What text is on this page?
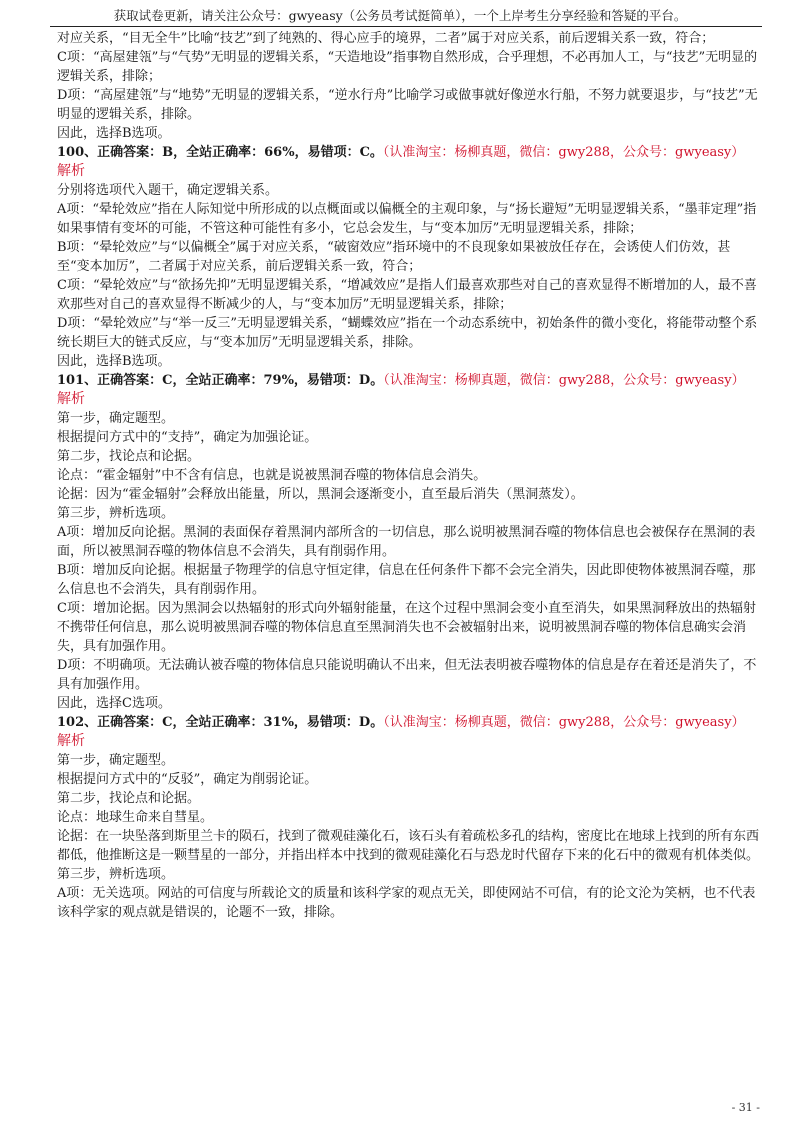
获取试卷更新，请关注公众号：gwyeasy（公务员考试挺简单），一个上岸考生分享经验和答疑的平台。

对应关系，“目无全牛”比喻“技艺”到了纯熟的、得心应手的境界，二者”属于对应关系，前后逻辑关系一致，符合；

C项：“高屋建瓴”与“气势”无明显的逻辑关系，“天造地设”指事物自然形成，合乎理想，不必再加人工，与“技艺”无明显的逻辑关系，排除；

D项：“高屋建瓴”与“地势”无明显的逻辑关系，“逆水行舟”比喻学习或做事就好像逆水行船，不努力就要退步，与“技艺”无明显的逻辑关系，排除。

因此，选择B选项。

100、正确答案：B，全站正确率：66%，易错项：C。（认准淘宝：杨柳真题，微信：gwy288，公众号：gwyeasy）

解析

分别将选项代入题干，确定逻辑关系。

A项：“晕轮效应”指在人际知觉中所形成的以点概面或以偏概全的主观印象，与“扬长避短”无明显逻辑关系，“墨菲定理”指如果事情有变坏的可能，不管这种可能性有多小，它总会发生，与“变本加厉”无明显逻辑关系，排除；

B项：“晕轮效应”与“以偏概全”属于对应关系，“破窗效应”指环境中的不良现象如果被放任存在，会诱使人们仿效，甚至“变本加厉”，二者属于对应关系，前后逻辑关系一致，符合；

C项：“晕轮效应”与“欲扬先抑”无明显逻辑关系，“增减效应”是指人们最喜欢那些对自己的喜欢显得不断增加的人，最不喜欢那些对自己的喜欢显得不断减少的人，与“变本加厉”无明显逻辑关系，排除；

D项：“晕轮效应”与“举一反三”无明显逻辑关系，“蝴蝶效应”指在一个动态系统中，初始条件的微小变化，将能带动整个系统长期巨大的链式反应，与“变本加厉”无明显逻辑关系，排除。

因此，选择B选项。

101、正确答案：C，全站正确率：79%，易错项：D。（认准淘宝：杨柳真题，微信：gwy288，公众号：gwyeasy）

解析

第一步，确定题型。

根据提问方式中的“支持”，确定为加强论证。

第二步，找论点和论据。

论点：“霍金辐射”中不含有信息，也就是说被黑洞吞噬的物体信息会消失。

论据：因为“霍金辐射”会释放出能量，所以，黑洞会逐渐变小，直至最后消失（黑洞蒸发）。

第三步，辨析选项。

A项：增加反向论据。黑洞的表面保存着黑洞内部所含的一切信息，那么说明被黑洞吞噬的物体信息也会被保存在黑洞的表面，所以被黑洞吞噬的物体信息不会消失，具有削弱作用。

B项：增加反向论据。根据量子物理学的信息守恒定律，信息在任何条件下都不会完全消失，因此即使物体被黑洞吞噬，那么信息也不会消失，具有削弱作用。

C项：增加论据。因为黑洞会以热辐射的形式向外辐射能量，在这个过程中黑洞会变小直至消失，如果黑洞释放出的热辐射不携带任何信息，那么说明被黑洞吞噬的物体信息直至黑洞消失也不会被辐射出来，说明被黑洞吞噬的物体信息确实会消失，具有加强作用。

D项：不明确项。无法确认被吞噬的物体信息只能说明确认不出来，但无法表明被吞噬物体的信息是存在着还是消失了，不具有加强作用。

因此，选择C选项。

102、正确答案：C，全站正确率：31%，易错项：D。（认准淘宝：杨柳真题，微信：gwy288，公众号：gwyeasy）

解析

第一步，确定题型。

根据提问方式中的“反驳”，确定为削弱论证。

第二步，找论点和论据。

论点：地球生命来自彗星。

论据：在一块坠落到斯里兰卡的陨石，找到了微观硅藻化石，该石头有着疏松多孔的结构，密度比在地球上找到的所有东西都低，他推断这是一颗彗星的一部分，并指出样本中找到的微观硅藻化石与恐龙时代留存下来的化石中的微观有机体类似。

第三步，辨析选项。

A项：无关选项。网站的可信度与所载论文的质量和该科学家的观点无关，即使网站不可信，有的论文沦为笑柄，也不代表该科学家的观点就是错误的，论题不一致，排除。

- 31 -
